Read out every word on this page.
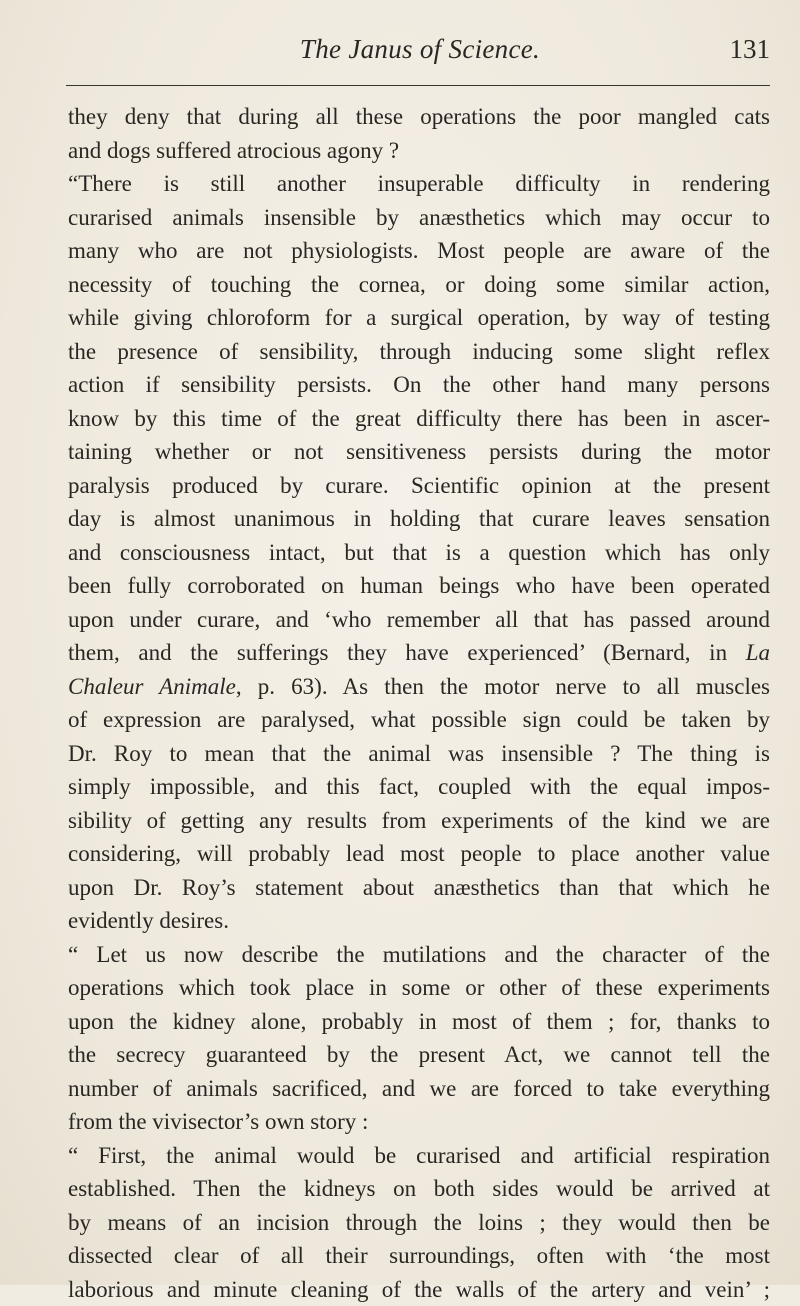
The Janus of Science.	131
they deny that during all these operations the poor mangled cats
and dogs suffered atrocious agony ?
“There is still another insuperable difficulty in rendering
curarised animals insensible by anæsthetics which may occur to
many who are not physiologists. Most people are aware of the
necessity of touching the cornea, or doing some similar action,
while giving chloroform for a surgical operation, by way of testing
the presence of sensibility, through inducing some slight reflex
action if sensibility persists. On the other hand many persons
know by this time of the great difficulty there has been in ascer-
taining whether or not sensitiveness persists during the motor
paralysis produced by curare. Scientific opinion at the present
day is almost unanimous in holding that curare leaves sensation
and consciousness intact, but that is a question which has only
been fully corroborated on human beings who have been operated
upon under curare, and ‘who remember all that has passed around
them, and the sufferings they have experienced’ (Bernard, in La
Chaleur Animale, p. 63). As then the motor nerve to all muscles
of expression are paralysed, what possible sign could be taken by
Dr. Roy to mean that the animal was insensible ? The thing is
simply impossible, and this fact, coupled with the equal impos-
sibility of getting any results from experiments of the kind we are
considering, will probably lead most people to place another value
upon Dr. Roy’s statement about anæsthetics than that which he
evidently desires.
“ Let us now describe the mutilations and the character of the
operations which took place in some or other of these experiments
upon the kidney alone, probably in most of them ; for, thanks to
the secrecy guaranteed by the present Act, we cannot tell the
number of animals sacrificed, and we are forced to take everything
from the vivisector’s own story :
“ First, the animal would be curarised and artificial respiration
established. Then the kidneys on both sides would be arrived at
by means of an incision through the loins ; they would then be
dissected clear of all their surroundings, often with ‘the most
laborious and minute cleaning of the walls of the artery and vein’ ;
